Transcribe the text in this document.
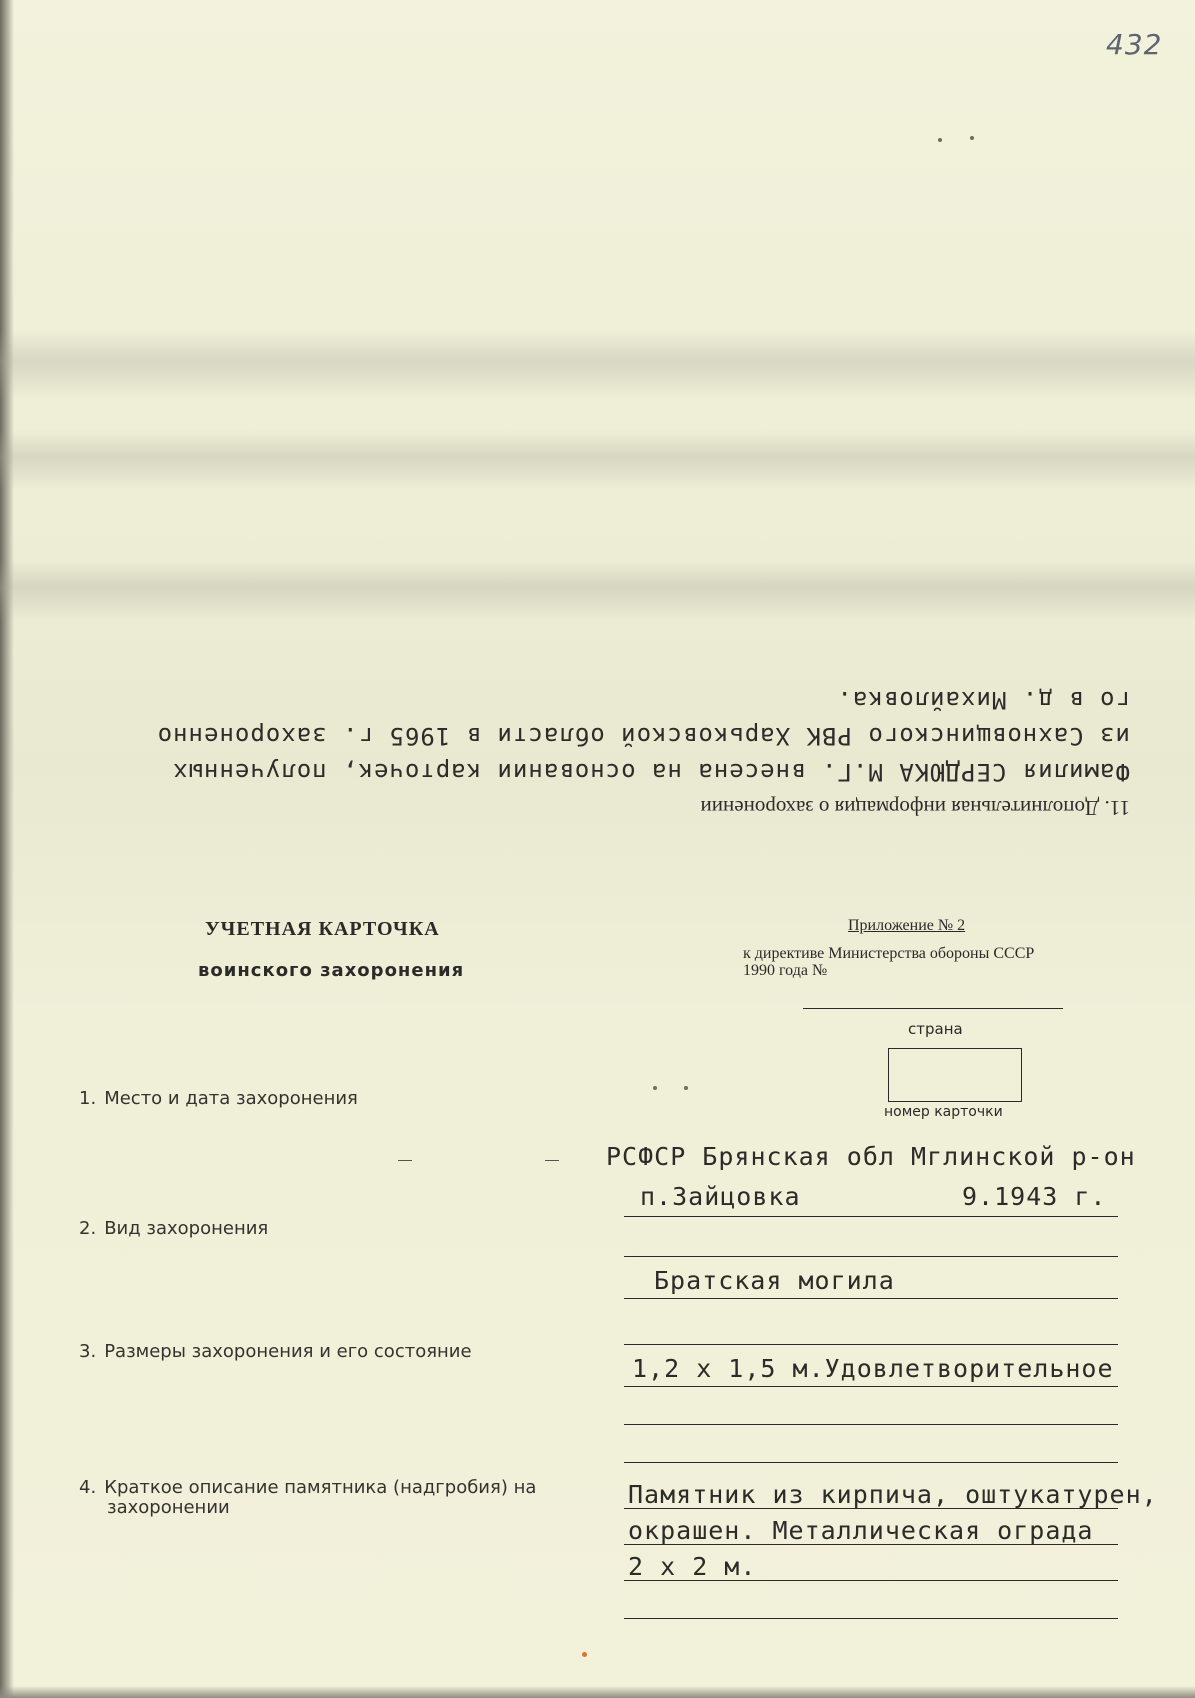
432
11. Дополнительная информация о захоронении
Фамилия СЕРДЮКА М.Г. внесена на основании карточек, полученных
из Сахновщинского РВК Харьковской области в 1965 г. захороненно
го в д. Михайловка.
УЧЕТНАЯ КАРТОЧКА
воинского захоронения
Приложение № 2
к директиве Министерства обороны СССР
1990 года №
страна
номер карточки
1. Место и дата захоронения
РСФСР Брянская обл Мглинской р-он
п.Зайцовка	9.1943 г.
2. Вид захоронения
Братская могила
3. Размеры захоронения и его состояние
1,2 х 1,5 м.Удовлетворительное
4. Краткое описание памятника (надгробия) на
захоронении	Памятник из кирпича, оштукатурен,
окрашен. Металлическая ограда
2 х 2 м.
